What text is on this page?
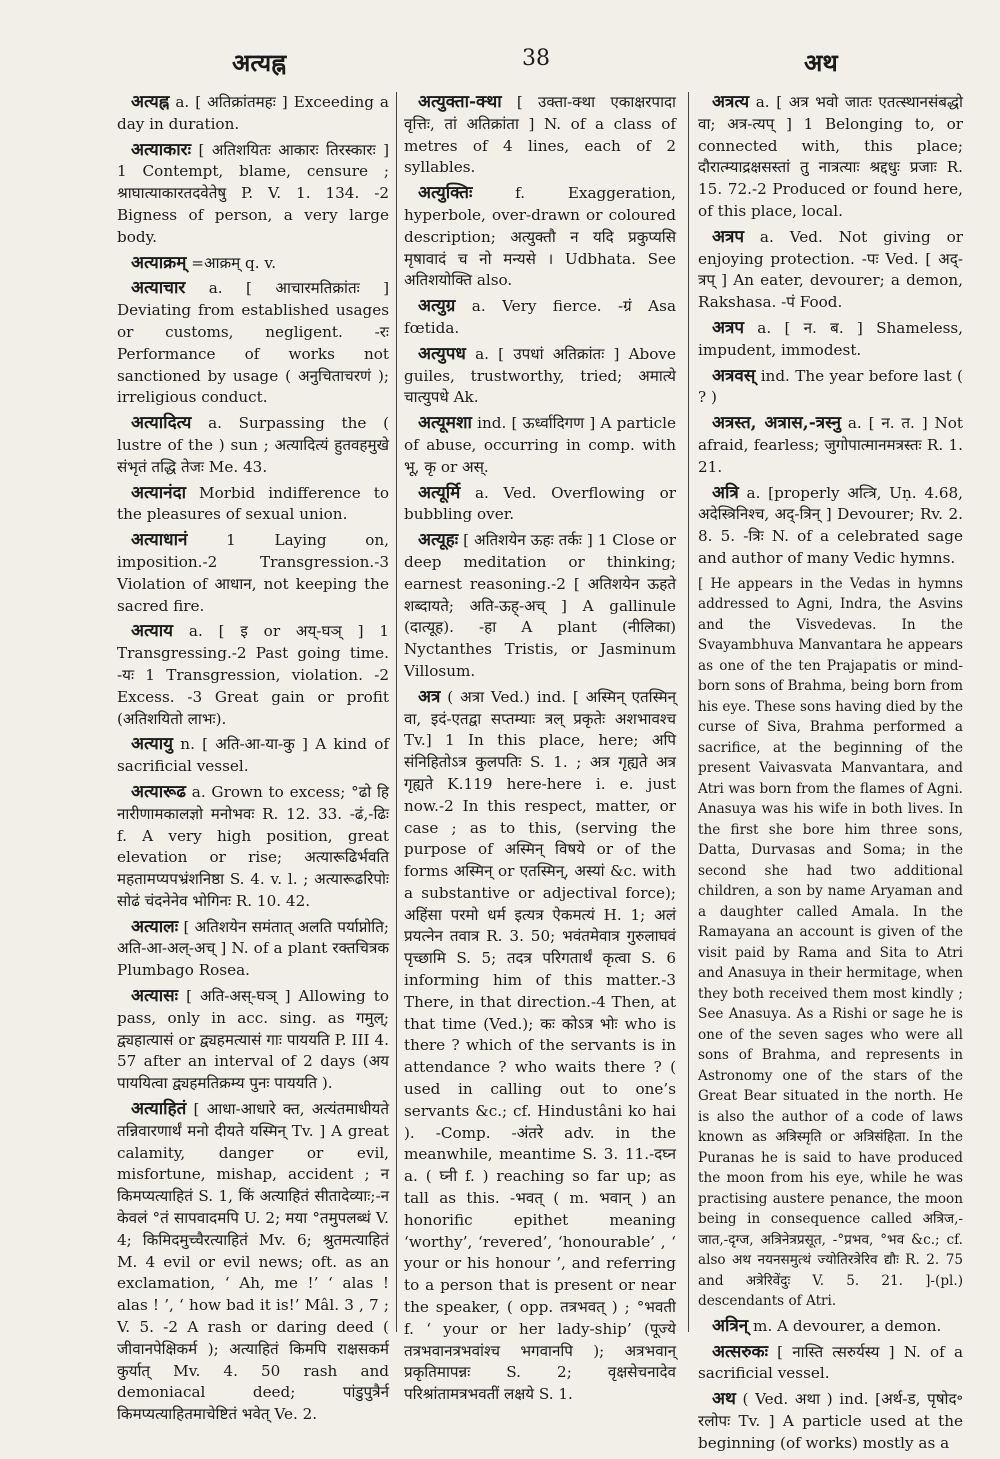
अत्यह्न	38	अथ

अत्यह्न a. [ अतिक्रांतमहः ] Exceeding a day in duration.

अत्याकारः [ अतिशयितः आकारः तिरस्कारः ] 1 Contempt, blame, censure ; श्राघात्याकारतदवेतेषु P. V. 1. 134. -2 Bigness of person, a very large body.

अत्याक्रम् =आक्रम् q. v.

अत्याचार a. [ आचारमतिक्रांतः ] Deviating from established usages or customs, negligent. -रः Performance of works not sanctioned by usage ( अनुचिताचरणं ); irreligious conduct.

अत्यादित्य a. Surpassing the ( lustre of the ) sun ; अत्यादित्यं हुतवहमुखे संभृतं तद्धि तेजः Me. 43.

अत्यानंदा Morbid indifference to the pleasures of sexual union.

अत्याधानं 1 Laying on, imposition.-2 Transgression.-3 Violation of आधान, not keeping the sacred fire.

अत्याय a. [ इ or अय्-घञ् ] 1 Transgressing.-2 Past going time. -यः 1 Transgression, violation. -2 Excess. -3 Great gain or profit (अतिशयितो लाभः).

अत्यायु n. [ अति-आ-या-कु ] A kind of sacrificial vessel.

अत्यारूढ a. Grown to excess; °ढो हि नारीणामकालज्ञो मनोभवः R. 12. 33. -ढं,-ढिः f. A very high position, great elevation or rise; अत्यारूढिर्भवति महतामप्यपभ्रंशनिष्ठा S. 4. v. l. ; अत्यारूढरिपोः सोढं चंदनेनेव भोगिनः R. 10. 42.

अत्यालः [ अतिशयेन समंतात् अलति पर्याप्नोति; अति-आ-अल्-अच् ] N. of a plant रक्तचित्रक Plumbago Rosea.

अत्यासः [ अति-अस्-घञ् ] Allowing to pass, only in acc. sing. as गमुल्; द्व्यहात्यासं or द्व्यहमत्यासं गाः पाययति P. III 4. 57 after an interval of 2 days (अय पाययित्वा द्व्यहमतिक्रम्य पुनः पाययति ).

अत्याहितं [ आधा-आधारे क्त, अत्यंतमाधीयते तन्निवारणार्थं मनो दीयते यस्मिन् Tv. ] A great calamity, danger or evil, misfortune, mishap, accident ; न किमप्यत्याहितं S. 1, किं अत्याहितं सीतादेव्याः;-न केवलं °तं सापवादमपि U. 2; मया °तमुपलब्धं V. 4; किमिदमुच्चैरत्याहितं Mv. 6; श्रुतमत्याहितं M. 4 evil or evil news; oft. as an exclamation, ‘ Ah, me !’ ‘ alas ! alas ! ’, ‘ how bad it is!’ Mâl. 3 , 7 ; V. 5. -2 A rash or daring deed ( जीवानपेक्षिकर्म ); अत्याहितं किमपि राक्षसकर्म कुर्यात् Mv. 4. 50 rash and demoniacal deed; पांडुपुत्रैर्न किमप्यत्याहितमाचेष्टितं भवेत् Ve. 2.

अत्युक्ता-क्था [ उक्ता-क्था एकाक्षरपादा वृत्तिः, तां अतिक्रांता ] N. of a class of metres of 4 lines, each of 2 syllables.

अत्युक्तिः f. Exaggeration, hyperbole, over-drawn or coloured description; अत्युक्तौ न यदि प्रकुप्यसि मृषावादं च नो मन्यसे । Udbhata. See अतिशयोक्ति also.

अत्युग्र a. Very fierce. -ग्रं Asa fœtida.

अत्युपध a. [ उपधां अतिक्रांतः ] Above guiles, trustworthy, tried; अमात्ये चात्युपधे Ak.

अत्यूमशा ind. [ ऊर्ध्वादिगण ] A particle of abuse, occurring in comp. with भू, कृ or अस्.

अत्यूर्मि a. Ved. Overflowing or bubbling over.

अत्यूहः [ अतिशयेन ऊहः तर्कः ] 1 Close or deep meditation or thinking; earnest reasoning.-2 [ अतिशयेन ऊहते शब्दायते; अति-ऊह्-अच् ] A gallinule (दात्यूह). -हा A plant (नीलिका) Nyctanthes Tristis, or Jasminum Villosum.

अत्र ( अत्रा Ved.) ind. [ अस्मिन् एतस्मिन् वा, इदं-एतद्वा सप्तम्याः त्रल् प्रकृतेः अशभावश्च Tv.] 1 In this place, here; अपि संनिहितोऽत्र कुलपतिः S. 1. ; अत्र गृह्यते अत्र गृह्यते K.119 here-here i. e. just now.-2 In this respect, matter, or case ; as to this, (serving the purpose of अस्मिन् विषये or of the forms अस्मिन् or एतस्मिन्, अस्यां &c. with a substantive or adjectival force); अहिंसा परमो धर्म इत्यत्र ऐकमत्यं H. 1; अलं प्रयत्नेन तवात्र R. 3. 50; भवंतमेवात्र गुरुलाघवं पृच्छामि S. 5; तदत्र परिगतार्थं कृत्वा S. 6 informing him of this matter.-3 There, in that direction.-4 Then, at that time (Ved.); कः कोऽत्र भोः who is there ? which of the servants is in attendance ? who waits there ? ( used in calling out to one’s servants &c.; cf. Hindustâni ko hai ). -Comp. -अंतरे adv. in the meanwhile, meantime S. 3. 11.-दघ्न a. ( घ्नी f. ) reaching so far up; as tall as this. -भवत् ( m. भवान् ) an honorific epithet meaning ‘worthy’, ‘revered’, ‘honourable’ , ‘ your or his honour ’, and referring to a person that is present or near the speaker, ( opp. तत्रभवत् ) ; °भवती f. ‘ your or her lady-ship’ (पूज्ये तत्रभवानत्रभवांश्च भगवानपि ); अत्रभवान् प्रकृतिमापन्नः S. 2; वृक्षसेचनादेव परिश्रांतामत्रभवतीं लक्षये S. 1.

अत्रत्य a. [ अत्र भवो जातः एतत्स्थानसंबद्धो वा; अत्र-त्यप् ] 1 Belonging to, or connected with, this place; दौरात्म्याद्रक्षसस्तां तु नात्रत्याः श्रद्दधुः प्रजाः R. 15. 72.-2 Produced or found here, of this place, local.

अत्रप a. Ved. Not giving or enjoying protection. -पः Ved. [ अद्-त्रप् ] An eater, devourer; a demon, Rakshasa. -पं Food.

अत्रप a. [ न. ब. ] Shameless, impudent, immodest.

अत्रवस् ind. The year before last ( ? )

अत्रस्त, अत्रास,-त्रस्नु a. [ न. त. ] Not afraid, fearless; जुगोपात्मानमत्रस्तः R. 1. 21.

अत्रि a. [properly अत्त्रि, Uṇ. 4.68, अदेस्त्रिनिश्च, अद्-त्रिन् ] Devourer; Rv. 2. 8. 5. -त्रिः N. of a celebrated sage and author of many Vedic hymns.

[ He appears in the Vedas in hymns addressed to Agni, Indra, the Asvins and the Visvedevas. In the Svayambhuva Manvantara he appears as one of the ten Prajapatis or mind-born sons of Brahma, being born from his eye. These sons having died by the curse of Siva, Brahma performed a sacrifice, at the beginning of the present Vaivasvata Manvantara, and Atri was born from the flames of Agni. Anasuya was his wife in both lives. In the first she bore him three sons, Datta, Durvasas and Soma; in the second she had two additional children, a son by name Aryaman and a daughter called Amala. In the Ramayana an account is given of the visit paid by Rama and Sita to Atri and Anasuya in their hermitage, when they both received them most kindly ; See Anasuya. As a Rishi or sage he is one of the seven sages who were all sons of Brahma, and represents in Astronomy one of the stars of the Great Bear situated in the north. He is also the author of a code of laws known as अत्रिस्मृति or अत्रिसंहिता. In the Puranas he is said to have produced the moon from his eye, while he was practising austere penance, the moon being in consequence called अत्रिज,-जात,-दृग्ज, अत्रिनेत्रप्रसूत, -°प्रभव, °भव &c.; cf. also अथ नयनसमुत्थं ज्योतिरत्रेरिव द्यौः R. 2. 75 and अत्रेरिवेंदुः V. 5. 21. ]-(pl.) descendants of Atri.

अत्रिन् m. A devourer, a demon.

अत्सरुकः [ नास्ति त्सरुर्यस्य ] N. of a sacrificial vessel.

अथ ( Ved. अथा ) ind. [अर्थ-ड, पृषोद॰ रलोपः Tv. ] A particle used at the beginning (of works) mostly as a
